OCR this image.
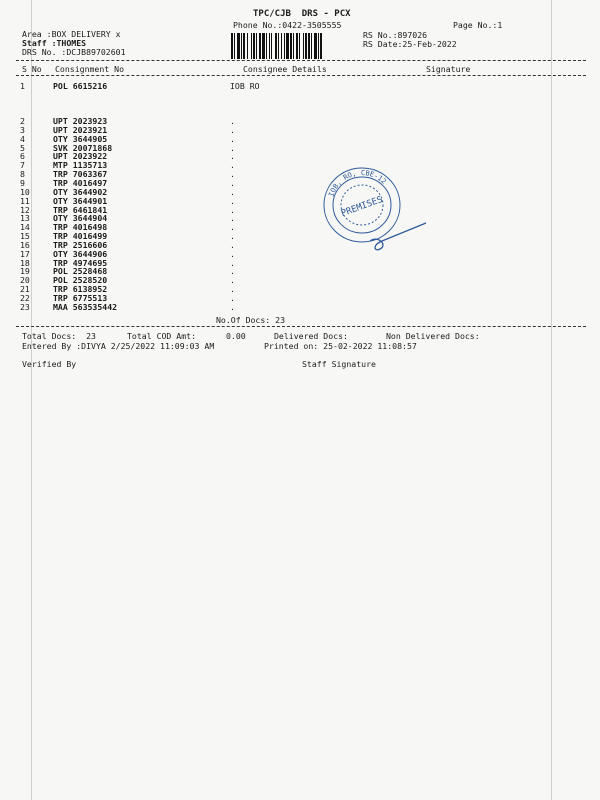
TPC/CJB  DRS - PCX
Phone No.:0422-3505555	Page No.:1
Area :BOX DELIVERY x
Staff :THOMES
DRS No. :DCJB89702601
RS No.:897026
RS Date:25-Feb-2022
S No Consignment No	Consignee Details	Signature
1	POL 6615216	IOB RO
2	UPT 2023923	.
3	UPT 2023921	.
4	OTY 3644905	.
5	SVK 20071868	.
6	UPT 2023922	.
7	MTP 1135713	.
8	TRP 7063367	.
9	TRP 4016497	.
10	OTY 3644902	.
11	OTY 3644901	.
12	TRP 6461841	.
13	OTY 3644904	.
14	TRP 4016498	.
15	TRP 4016499	.
16	TRP 2516606	.
17	OTY 3644906	.
18	TRP 4974695	.
19	POL 2528468	.
20	POL 2528520	.
21	TRP 6138952	.
22	TRP 6775513	.
23	MAA 563535442	.
IOB, RO, CBE-12
PREMISES
No.Of Docs: 23
Total Docs:  23	Total COD Amt:	0.00	Delivered Docs:	Non Delivered Docs:
Entered By :DIVYA 2/25/2022 11:09:03 AM	Printed on: 25-02-2022 11:08:57
Verified By	Staff Signature
